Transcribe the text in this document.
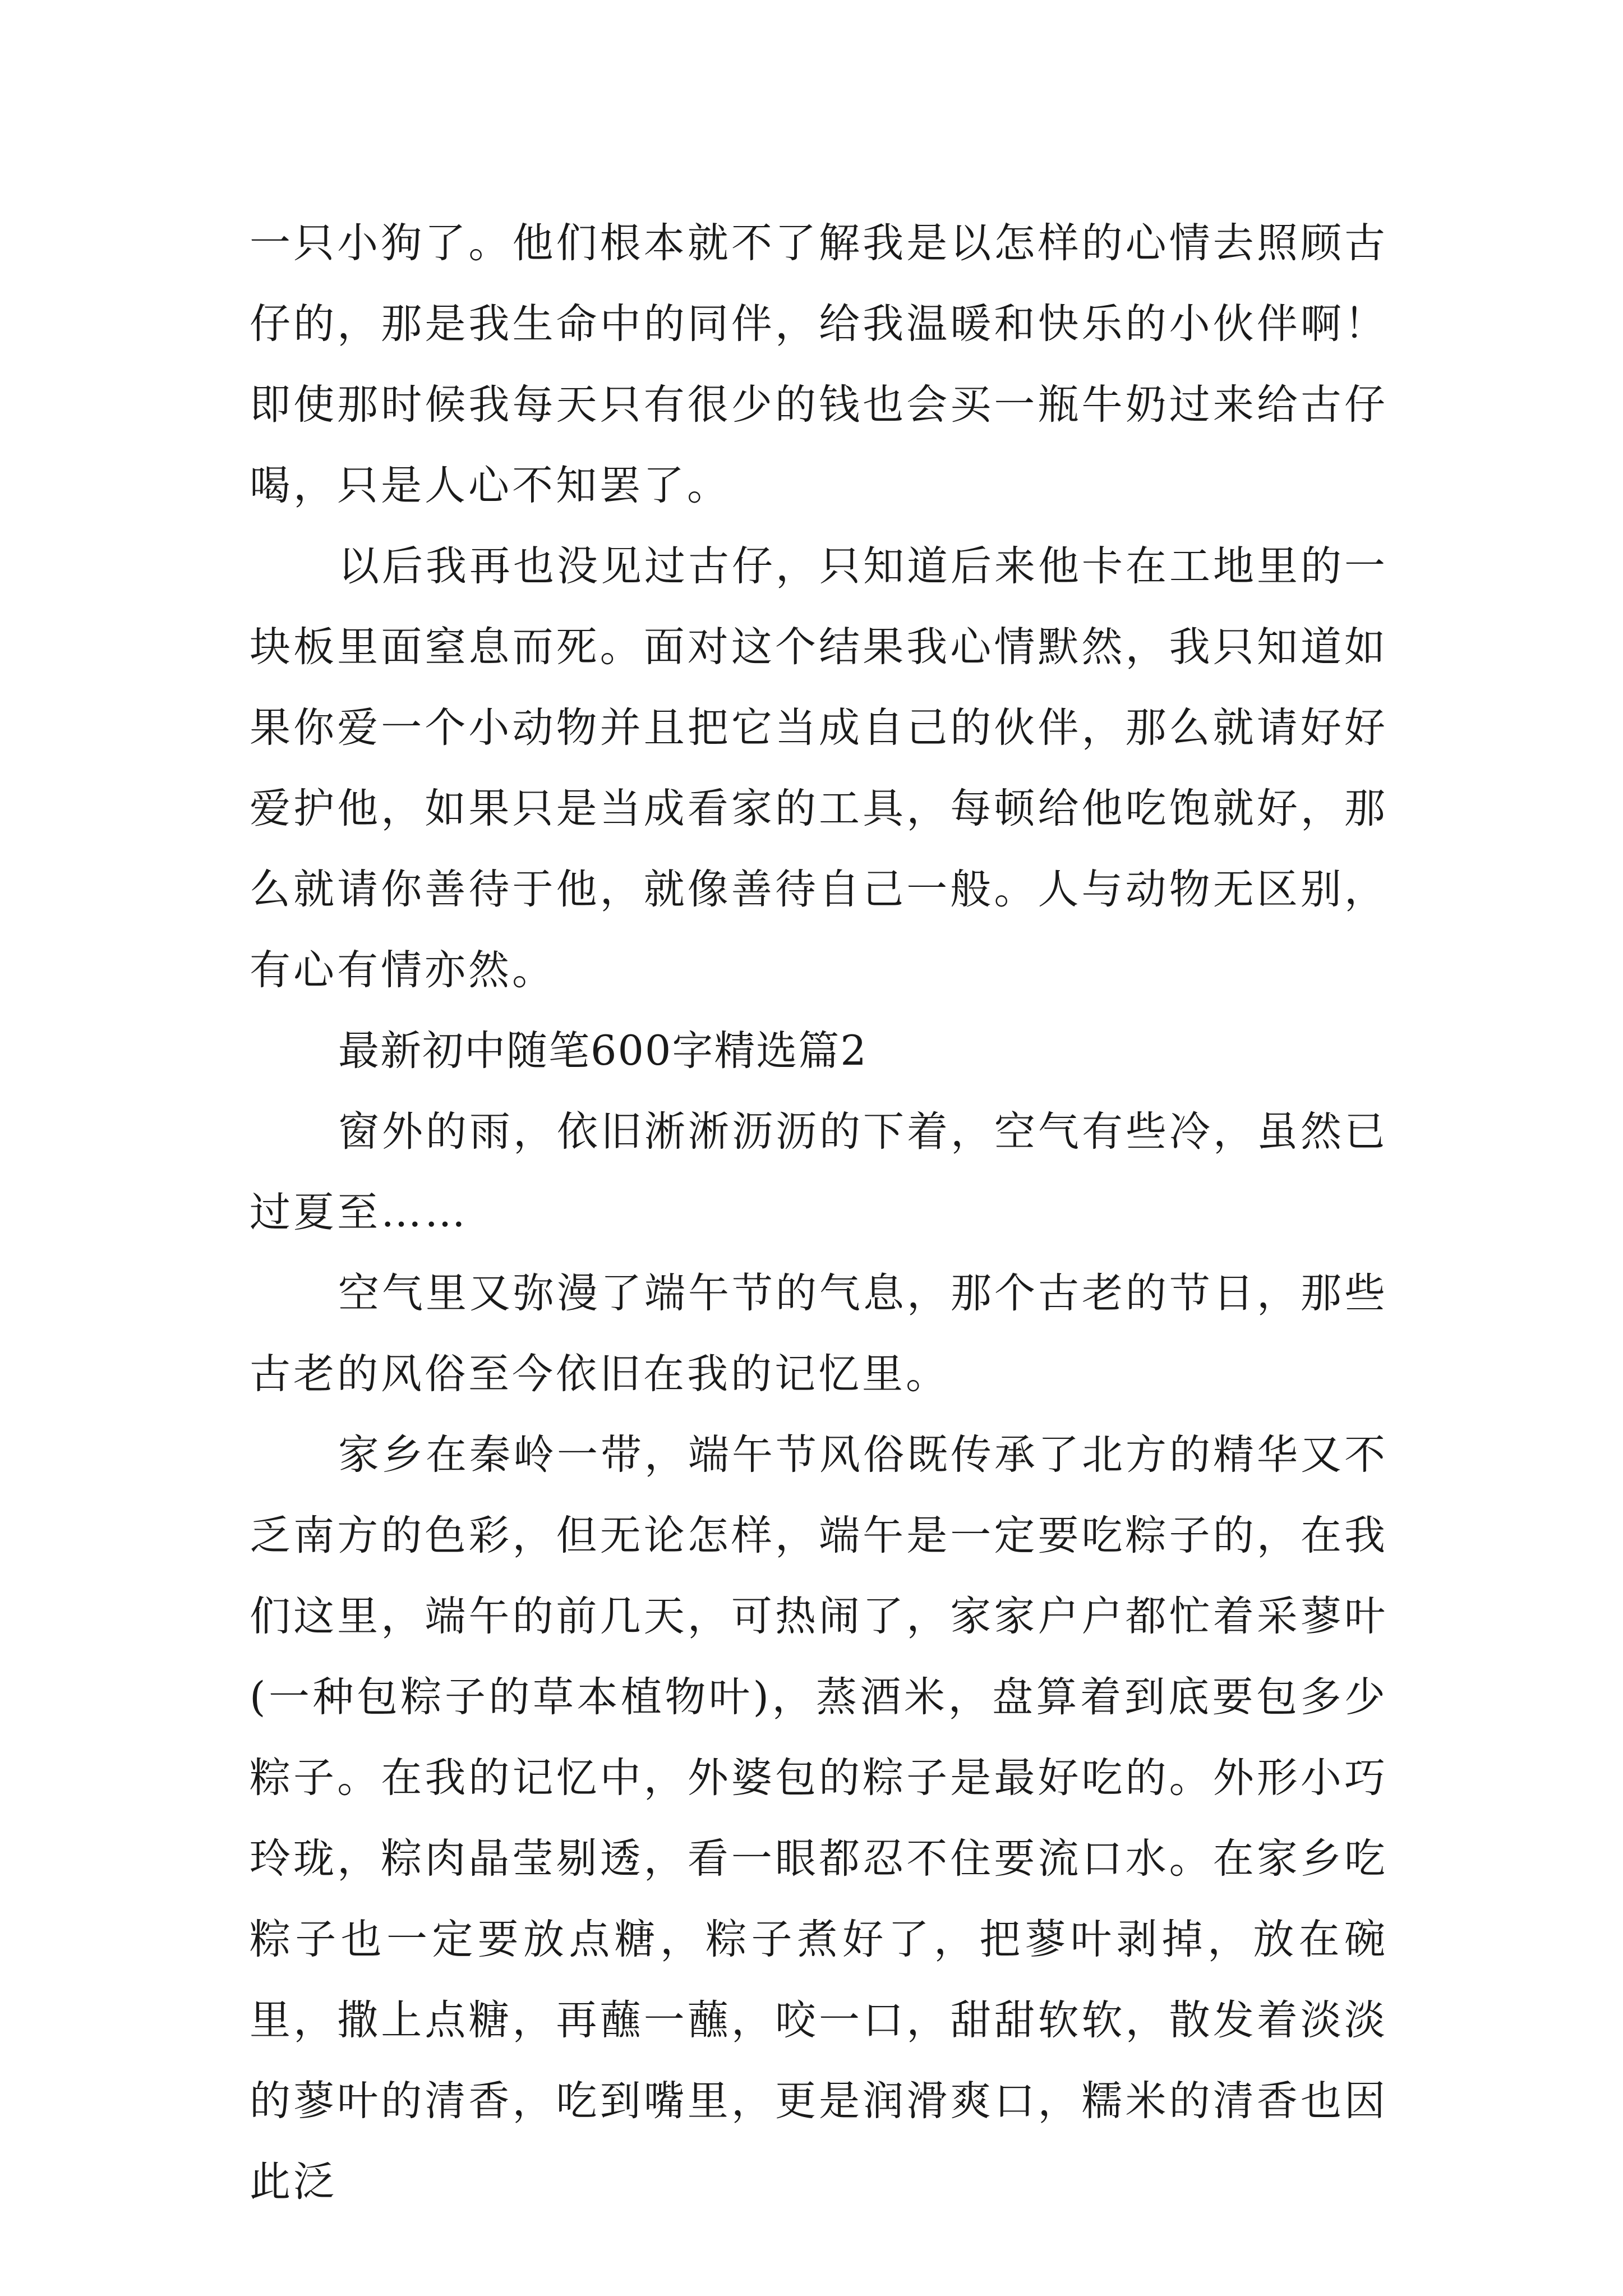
一只小狗了。他们根本就不了解我是以怎样的心情去照顾古仔的，那是我生命中的同伴，给我温暖和快乐的小伙伴啊！即使那时候我每天只有很少的钱也会买一瓶牛奶过来给古仔喝，只是人心不知罢了。

以后我再也没见过古仔，只知道后来他卡在工地里的一块板里面窒息而死。面对这个结果我心情默然，我只知道如果你爱一个小动物并且把它当成自己的伙伴，那么就请好好爱护他，如果只是当成看家的工具，每顿给他吃饱就好，那么就请你善待于他，就像善待自己一般。人与动物无区别，有心有情亦然。

最新初中随笔600字精选篇2

窗外的雨，依旧淅淅沥沥的下着，空气有些冷，虽然已过夏至……

空气里又弥漫了端午节的气息，那个古老的节日，那些古老的风俗至今依旧在我的记忆里。

家乡在秦岭一带，端午节风俗既传承了北方的精华又不乏南方的色彩，但无论怎样，端午是一定要吃粽子的，在我们这里，端午的前几天，可热闹了，家家户户都忙着采蓼叶(一种包粽子的草本植物叶)，蒸酒米，盘算着到底要包多少粽子。在我的记忆中，外婆包的粽子是最好吃的。外形小巧玲珑，粽肉晶莹剔透，看一眼都忍不住要流口水。在家乡吃粽子也一定要放点糖，粽子煮好了，把蓼叶剥掉，放在碗里，撒上点糖，再蘸一蘸，咬一口，甜甜软软，散发着淡淡的蓼叶的清香，吃到嘴里，更是润滑爽口，糯米的清香也因此泛
